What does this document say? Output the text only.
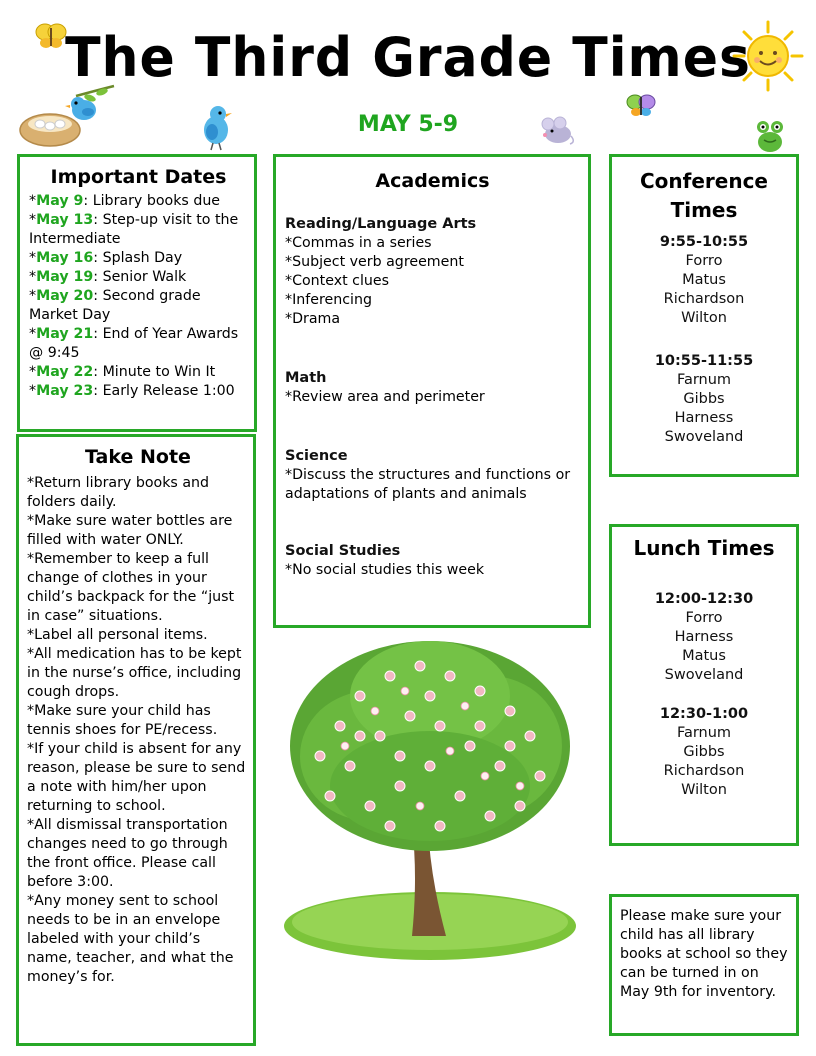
The Third Grade Times
MAY 5-9
Important Dates
*May 9: Library books due
*May 13: Step-up visit to the Intermediate
*May 16: Splash Day
*May 19: Senior Walk
*May 20: Second grade Market Day
*May 21: End of Year Awards @ 9:45
*May 22: Minute to Win It
*May 23: Early Release 1:00
Take Note
*Return library books and folders daily.
*Make sure water bottles are filled with water ONLY.
*Remember to keep a full change of clothes in your child’s backpack for the “just in case” situations.
*Label all personal items.
*All medication has to be kept in the nurse’s office, including cough drops.
*Make sure your child has tennis shoes for PE/recess.
*If your child is absent for any reason, please be sure to send a note with him/her upon returning to school.
*All dismissal transportation changes need to go through the front office. Please call before 3:00.
*Any money sent to school needs to be in an envelope labeled with your child’s name, teacher, and what the money’s for.
Academics
Reading/Language Arts
*Commas in a series
*Subject verb agreement
*Context clues
*Inferencing
*Drama
Math
*Review area and perimeter
Science
*Discuss the structures and functions or adaptations of plants and animals
Social Studies
*No social studies this week
Conference Times
9:55-10:55
Forro
Matus
Richardson
Wilton
10:55-11:55
Farnum
Gibbs
Harness
Swoveland
Lunch Times
12:00-12:30
Forro
Harness
Matus
Swoveland
12:30-1:00
Farnum
Gibbs
Richardson
Wilton
Please make sure your child has all library books at school so they can be turned in on May 9th for inventory.
